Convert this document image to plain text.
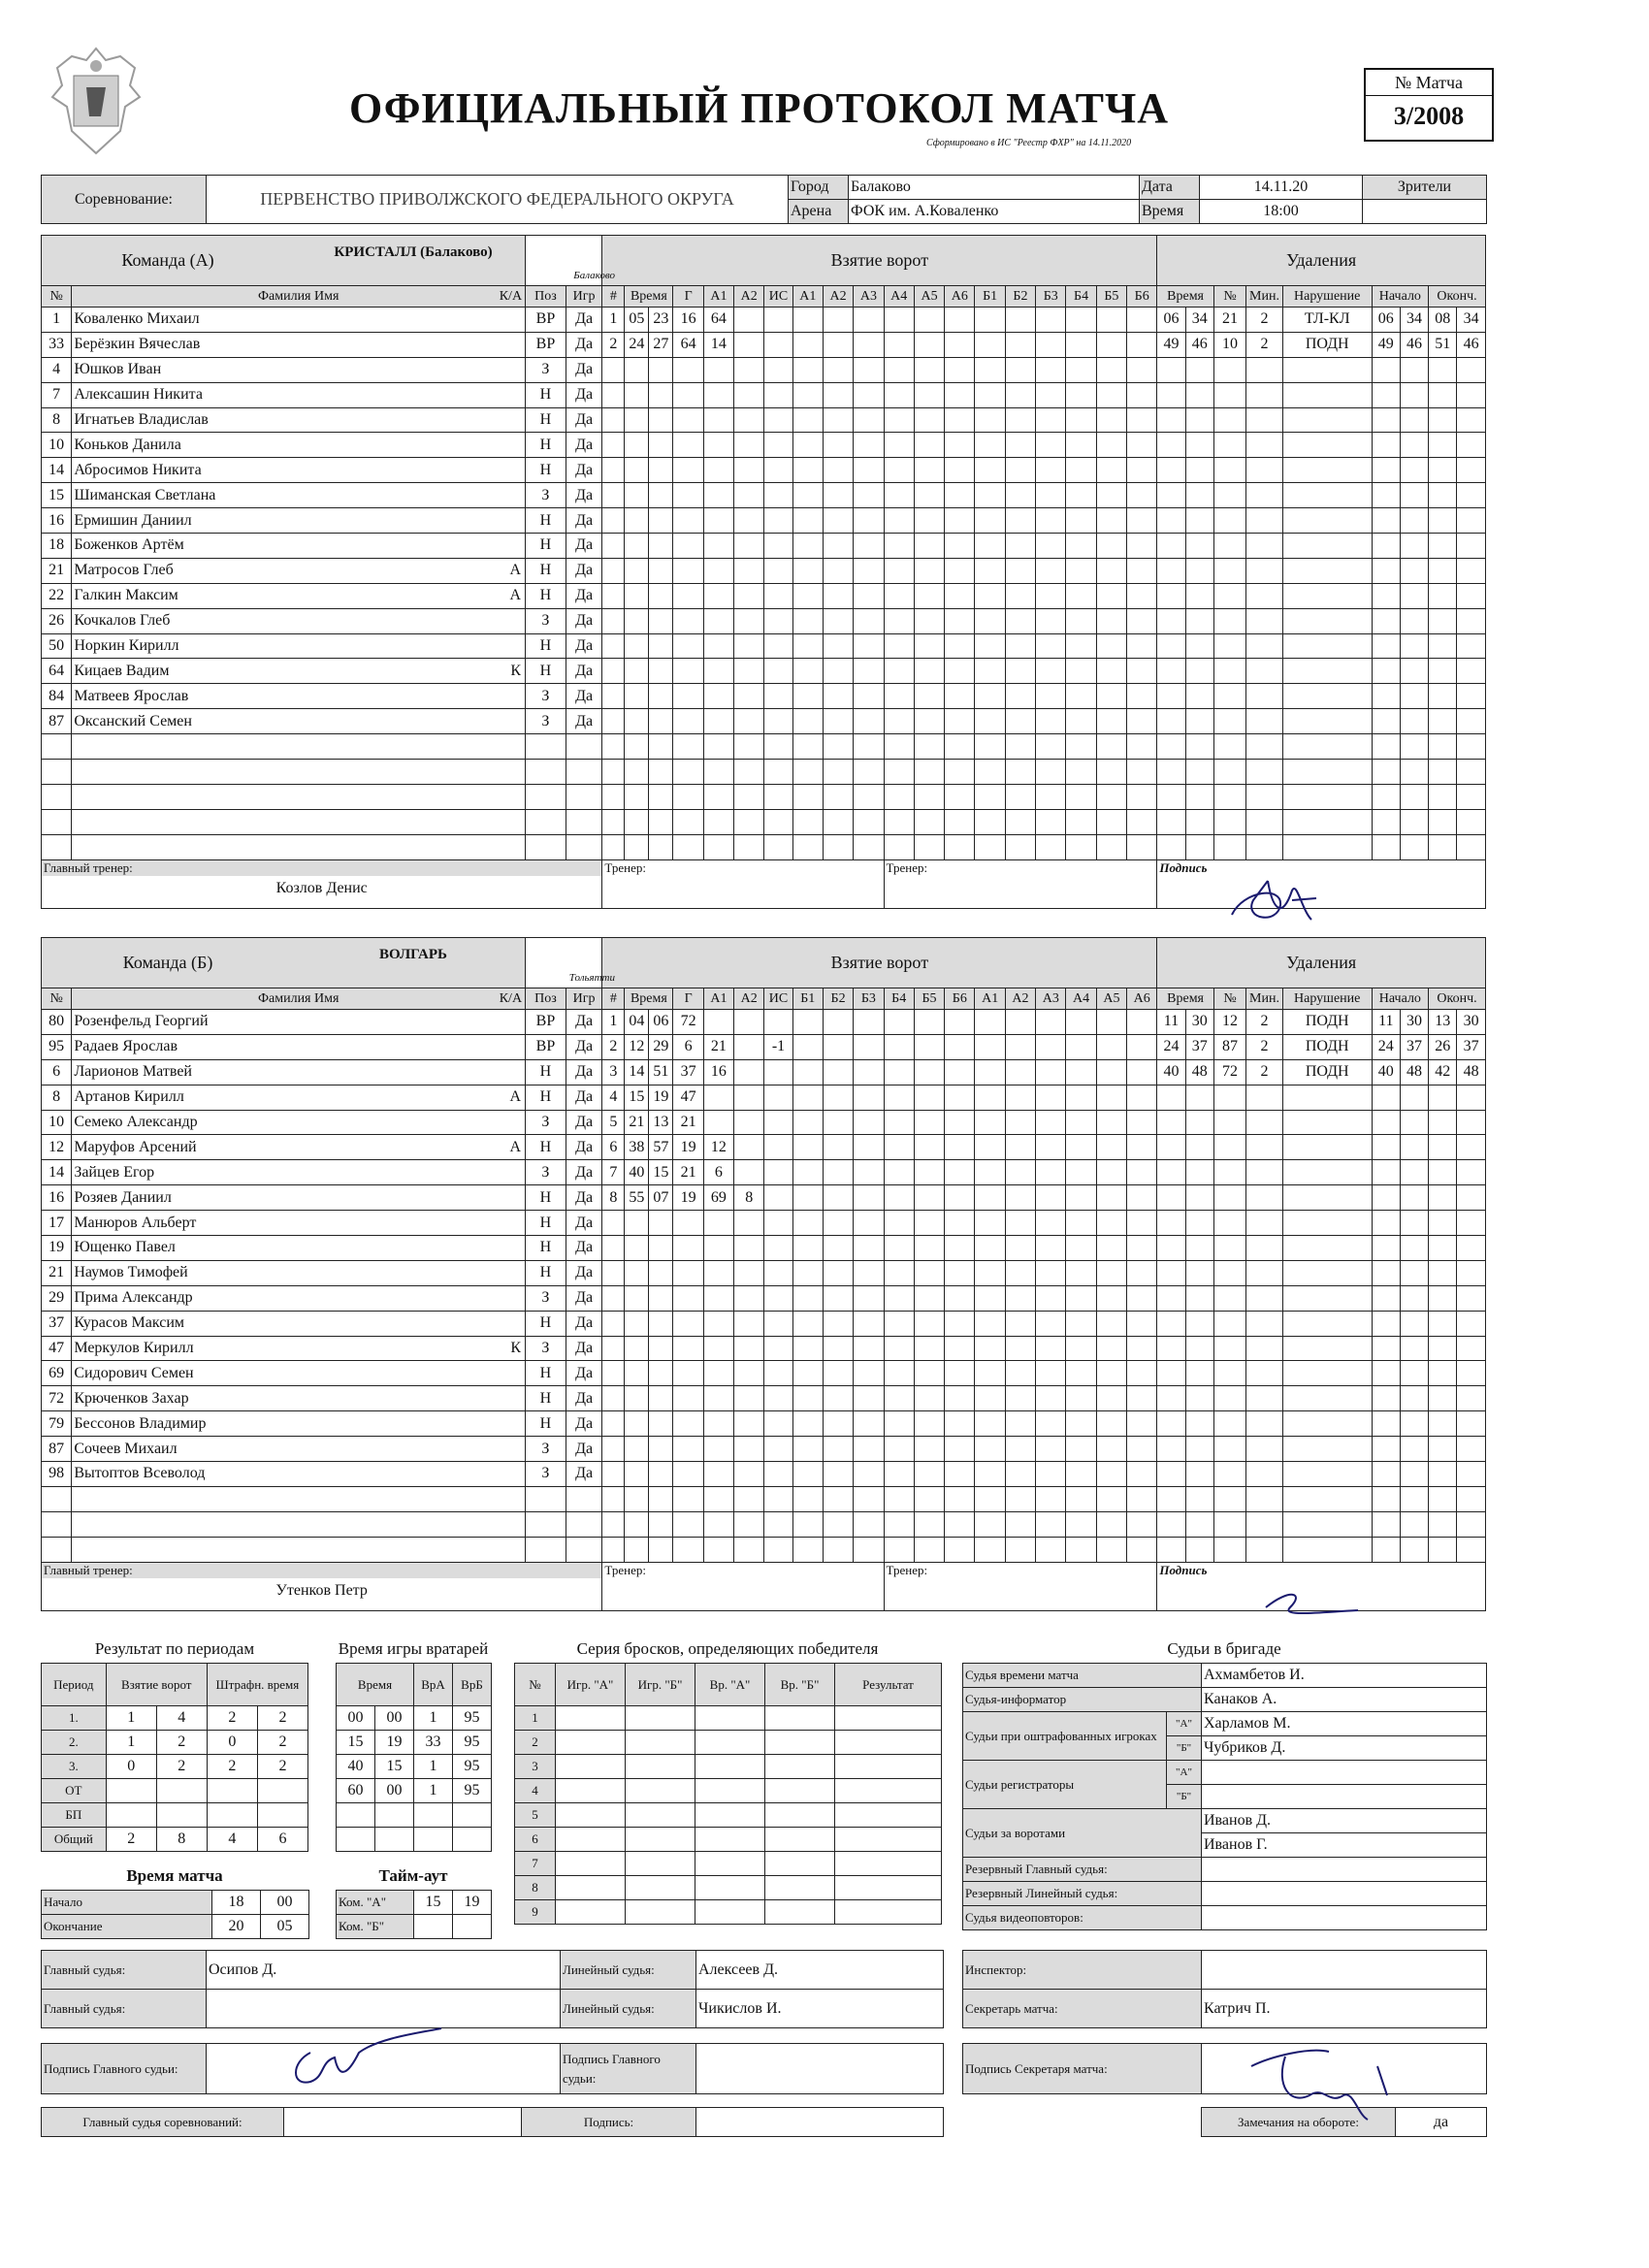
ОФИЦИАЛЬНЫЙ ПРОТОКОЛ МАТЧА
Сформировано в ИС "Реестр ФХР" на 14.11.2020
№ Матча
3/2008
Соревнование:	ПЕРВЕНСТВО ПРИВОЛЖСКОГО ФЕДЕРАЛЬНОГО ОКРУГА	Город	Балаково	Дата	14.11.20	Зрители
		Арена	ФОК им. А.Коваленко	Время	18:00	
Команда (А)				Взятие ворот																			Удаления								
№	Фамилия Имя К/А	Поз	Игр	#	Время		Г	А1	А2	ИС	А1	А2	А3	А4	А5	А6	Б1	Б2	Б3	Б4	Б5	Б6	Время		№	Мин.	Нарушение	Начало		Оконч.	
1	Коваленко Михаил	ВР	Да	1	05	23	16	64															06	34	21	2	ТЛ-КЛ	06	34	08	34
33	Берёзкин Вячеслав	ВР	Да	2	24	27	64	14															49	46	10	2	ПОДН	49	46	51	46
4	Юшков Иван	З	Да																												
7	Алексашин Никита	Н	Да																												
8	Игнатьев Владислав	Н	Да																												
10	Коньков Данила	Н	Да																												
14	Абросимов Никита	Н	Да																												
15	Шиманская Светлана	З	Да																												
16	Ермишин Даниил	Н	Да																												
18	Боженков Артём	Н	Да																												
21	Матросов Глеб А	Н	Да																												
22	Галкин Максим А	Н	Да																												
26	Кочкалов Глеб	З	Да																												
50	Норкин Кирилл	Н	Да																												
64	Кицаев Вадим К	Н	Да																												
84	Матвеев Ярослав	З	Да																												
87	Оксанский Семен	З	Да																												

Главный тренер:
Козлов Денис				Тренер:										Тренер:									Подпись								
КРИСТАЛЛ (Балаково)
Балаково
Команда (Б)				Взятие ворот																			Удаления								
№	Фамилия Имя К/А	Поз	Игр	#	Время		Г	А1	А2	ИС	Б1	Б2	Б3	Б4	Б5	Б6	А1	А2	А3	А4	А5	А6	Время		№	Мин.	Нарушение	Начало		Оконч.	
80	Розенфельд Георгий	ВР	Да	1	04	06	72																11	30	12	2	ПОДН	11	30	13	30
95	Радаев Ярослав	ВР	Да	2	12	29	6	21		-1													24	37	87	2	ПОДН	24	37	26	37
6	Ларионов Матвей	Н	Да	3	14	51	37	16															40	48	72	2	ПОДН	40	48	42	48
8	Артанов Кирилл А	Н	Да	4	15	19	47																								
10	Семеко Александр	З	Да	5	21	13	21																								
12	Маруфов Арсений А	Н	Да	6	38	57	19	12																							
14	Зайцев Егор	З	Да	7	40	15	21	6																							
16	Розяев Даниил	Н	Да	8	55	07	19	69	8																						
17	Манюров Альберт	Н	Да																												
19	Ющенко Павел	Н	Да																												
21	Наумов Тимофей	Н	Да																												
29	Прима Александр	З	Да																												
37	Курасов Максим	Н	Да																												
47	Меркулов Кирилл К	З	Да																												
69	Сидорович Семен	Н	Да																												
72	Крюченков Захар	Н	Да																												
79	Бессонов Владимир	Н	Да																												
87	Сочеев Михаил	З	Да																												
98	Вытоптов Всеволод	З	Да																												

Главный тренер:
Утенков Петр				Тренер:										Тренер:									Подпись								
ВОЛГАРЬ
Тольятти
Результат по периодам
Период	Взятие ворот		Штрафн. время	
1.	1	4	2	2
2.	1	2	0	2
3.	0	2	2	2
ОТ				
БП				
Общий	2	8	4	6
Время игры вратарей
Время		ВрА	ВрБ
00	00	1	95
15	19	33	95
40	15	1	95
60	00	1	95

Время матча
Начало	18	00
Окончание	20	05
Тайм-аут
Ком. "А"	15	19
Ком. "Б"		
Серия бросков, определяющих победителя
№	Игр. "А"	Игр. "Б"	Вр. "А"	Вр. "Б"	Результат
1					
2					
3					
4					
5					
6					
7					
8					
9					
Судьи в бригаде
Судья времени матча		Ахмамбетов И.
Судья-информатор		Канаков А.
Судьи при оштрафованных игроках	"А"	Харламов М.
	"Б"	Чубриков Д.
Судьи регистраторы	"А"	
	"Б"	
Судьи за воротами		Иванов Д.
		Иванов Г.
Резервный Главный судья:		
Резервный Линейный судья:		
Судья видеоповторов:		
Главный судья:	Осипов Д.	Линейный судья:	Алексеев Д.
Главный судья:		Линейный судья:	Чикислов И.
Инспектор:	
Секретарь матча:	Катрич П.
Подпись Главного судьи:		Подпись Главного судьи:	
Подпись Секретаря матча:	
Главный судья соревнований:		Подпись:		Замечания на обороте:	да
